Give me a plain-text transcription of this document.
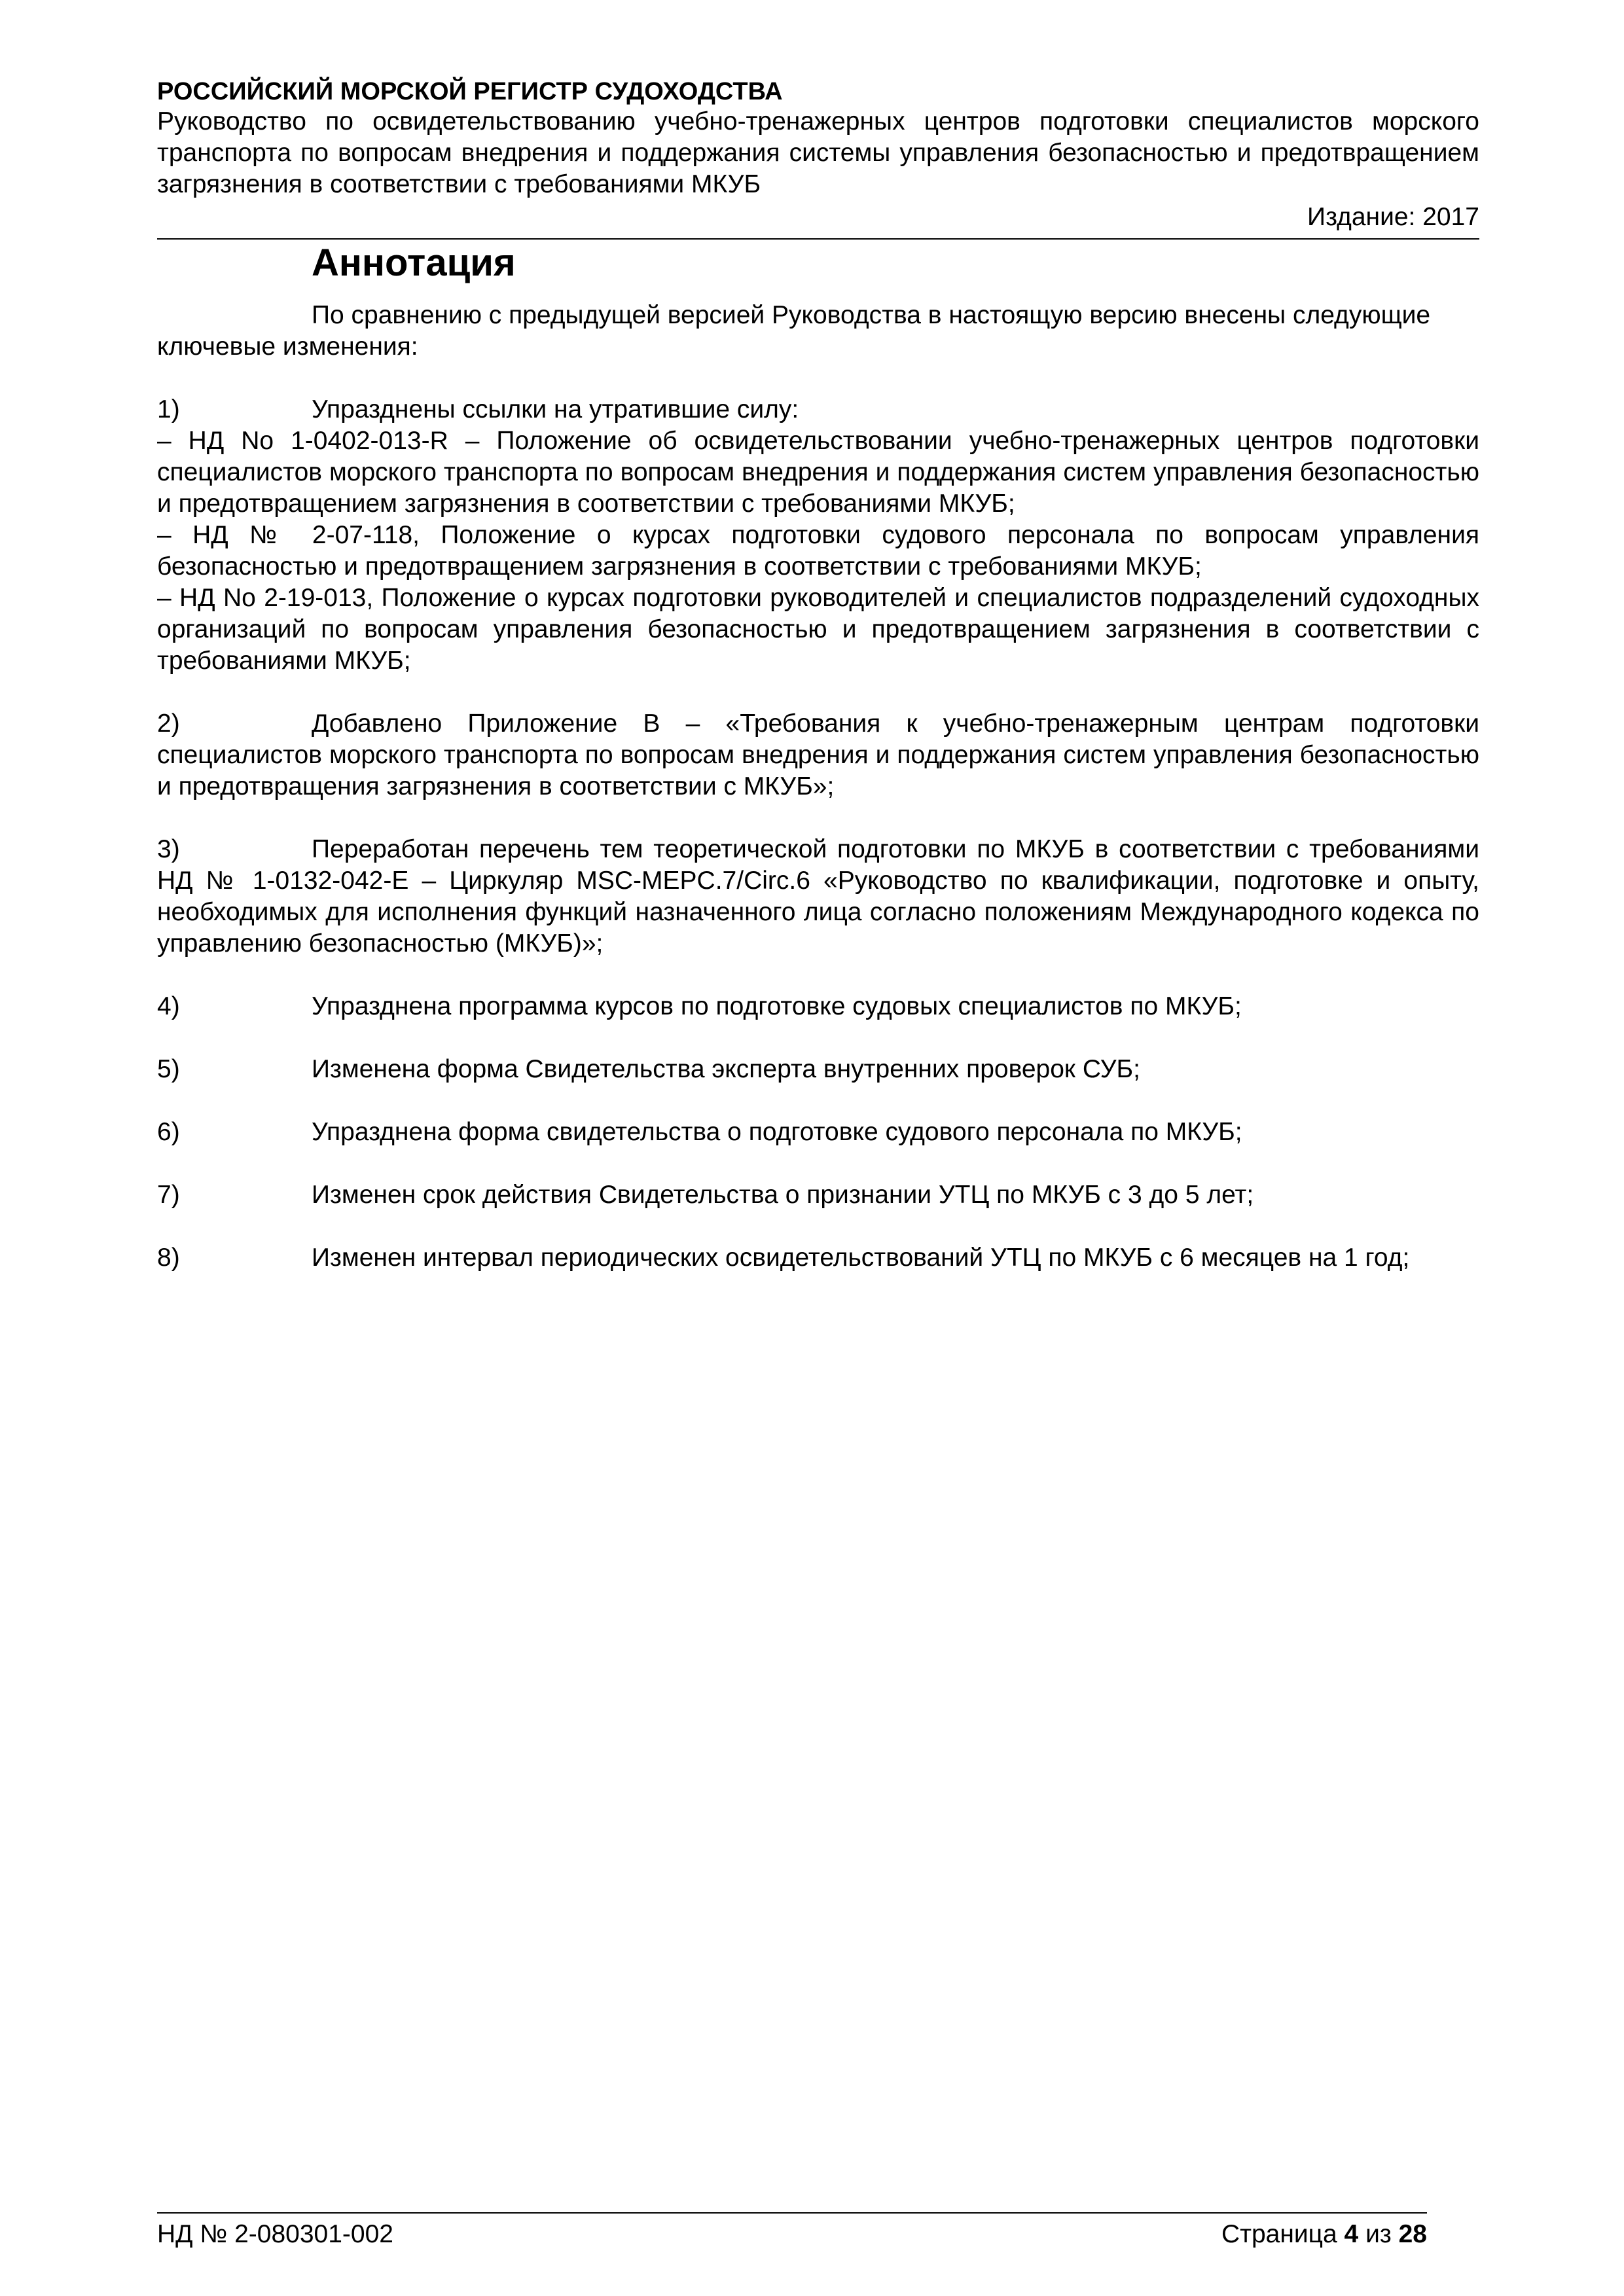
РОССИЙСКИЙ МОРСКОЙ РЕГИСТР СУДОХОДСТВА
Руководство по освидетельствованию учебно-тренажерных центров подготовки специалистов морского транспорта по вопросам внедрения и поддержания системы управления безопасностью и предотвращением загрязнения в соответствии с требованиями МКУБ
Издание: 2017
Аннотация
По сравнению с предыдущей версией Руководства в настоящую версию внесены следующие ключевые изменения:
1)	Упразднены ссылки на утратившие силу:
– НД No 1-0402-013-R – Положение об освидетельствовании учебно-тренажерных центров подготовки специалистов морского транспорта по вопросам внедрения и поддержания систем управления безопасностью и предотвращением загрязнения в соответствии с требованиями МКУБ;
– НД № 2-07-118, Положение о курсах подготовки судового персонала по вопросам управления безопасностью и предотвращением загрязнения в соответствии с требованиями МКУБ;
– НД No 2-19-013, Положение о курсах подготовки руководителей и специалистов подразделений судоходных организаций по вопросам управления безопасностью и предотвращением загрязнения в соответствии с требованиями МКУБ;
2)	Добавлено Приложение В – «Требования к учебно-тренажерным центрам подготовки специалистов морского транспорта по вопросам внедрения и поддержания систем управления безопасностью и предотвращения загрязнения в соответствии с МКУБ»;
3)	Переработан перечень тем теоретической подготовки по МКУБ в соответствии с требованиями НД № 1-0132-042-Е – Циркуляр MSC-MEPC.7/Circ.6 «Руководство по квалификации, подготовке и опыту, необходимых для исполнения функций назначенного лица согласно положениям Международного кодекса по управлению безопасностью (МКУБ)»;
4)	Упразднена программа курсов по подготовке судовых специалистов по МКУБ;
5)	Изменена форма Свидетельства эксперта внутренних проверок СУБ;
6)	Упразднена форма свидетельства о подготовке судового персонала по МКУБ;
7)	Изменен срок действия Свидетельства о признании УТЦ по МКУБ с 3 до 5 лет;
8)	Изменен интервал периодических освидетельствований УТЦ по МКУБ с 6 месяцев на 1 год;
НД № 2-080301-002	Страница 4 из 28
